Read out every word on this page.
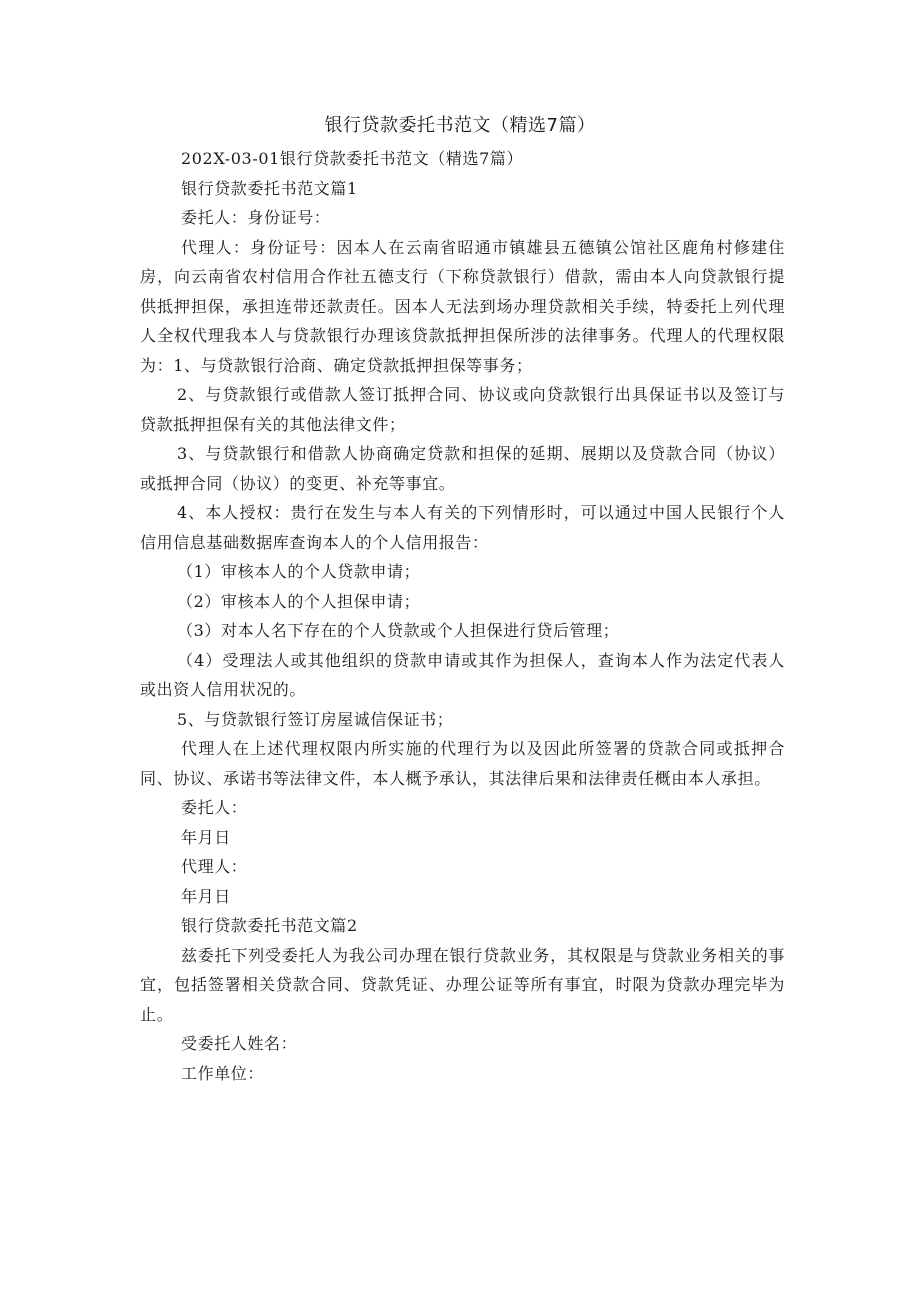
银行贷款委托书范文（精选7篇）

202X-03-01银行贷款委托书范文（精选7篇）

银行贷款委托书范文篇1

委托人：身份证号：

代理人：身份证号：因本人在云南省昭通市镇雄县五德镇公馆社区鹿角村修建住房，向云南省农村信用合作社五德支行（下称贷款银行）借款，需由本人向贷款银行提供抵押担保，承担连带还款责任。因本人无法到场办理贷款相关手续，特委托上列代理人全权代理我本人与贷款银行办理该贷款抵押担保所涉的法律事务。代理人的代理权限为：1、与贷款银行洽商、确定贷款抵押担保等事务；

2、与贷款银行或借款人签订抵押合同、协议或向贷款银行出具保证书以及签订与贷款抵押担保有关的其他法律文件；

3、与贷款银行和借款人协商确定贷款和担保的延期、展期以及贷款合同（协议）或抵押合同（协议）的变更、补充等事宜。

4、本人授权：贵行在发生与本人有关的下列情形时，可以通过中国人民银行个人信用信息基础数据库查询本人的个人信用报告：

（1）审核本人的个人贷款申请；

（2）审核本人的个人担保申请；

（3）对本人名下存在的个人贷款或个人担保进行贷后管理；

（4）受理法人或其他组织的贷款申请或其作为担保人，查询本人作为法定代表人或出资人信用状况的。

5、与贷款银行签订房屋诚信保证书；

代理人在上述代理权限内所实施的代理行为以及因此所签署的贷款合同或抵押合同、协议、承诺书等法律文件，本人概予承认，其法律后果和法律责任概由本人承担。

委托人：

年月日

代理人：

年月日

银行贷款委托书范文篇2

兹委托下列受委托人为我公司办理在银行贷款业务，其权限是与贷款业务相关的事宜，包括签署相关贷款合同、贷款凭证、办理公证等所有事宜，时限为贷款办理完毕为止。

受委托人姓名：

工作单位：
